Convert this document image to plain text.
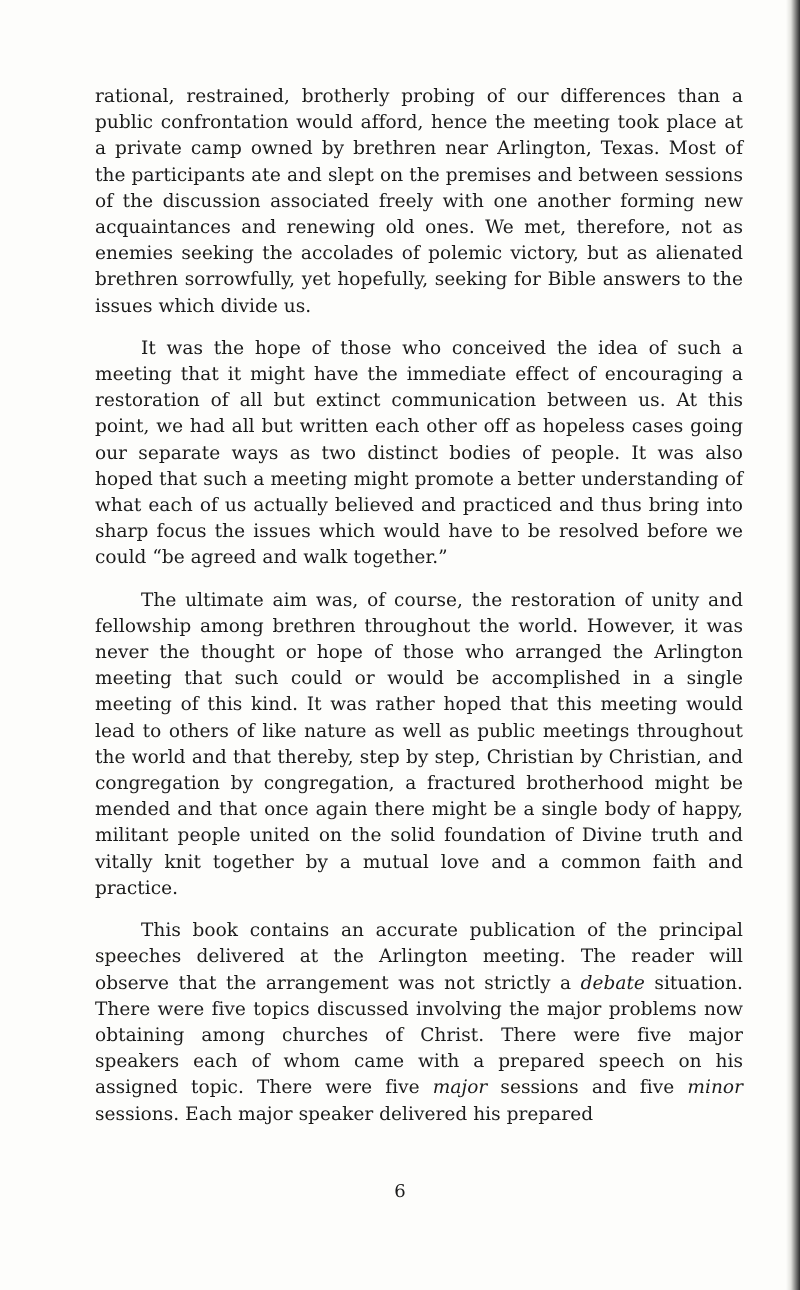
rational, restrained, brotherly probing of our differences than a public confrontation would afford, hence the meeting took place at a private camp owned by brethren near Arlington, Texas. Most of the participants ate and slept on the premises and between sessions of the discussion associated freely with one another forming new acquaintances and renewing old ones. We met, therefore, not as enemies seeking the accolades of polemic victory, but as alienated brethren sorrowfully, yet hopefully, seeking for Bible answers to the issues which divide us.

It was the hope of those who conceived the idea of such a meeting that it might have the immediate effect of encouraging a restoration of all but extinct communication between us. At this point, we had all but written each other off as hopeless cases going our separate ways as two distinct bodies of people. It was also hoped that such a meeting might promote a better understanding of what each of us actually believed and practiced and thus bring into sharp focus the issues which would have to be resolved before we could “be agreed and walk together.”

The ultimate aim was, of course, the restoration of unity and fellowship among brethren throughout the world. However, it was never the thought or hope of those who arranged the Arlington meeting that such could or would be accomplished in a single meeting of this kind. It was rather hoped that this meeting would lead to others of like nature as well as public meetings throughout the world and that thereby, step by step, Christian by Christian, and congregation by congregation, a fractured brotherhood might be mended and that once again there might be a single body of happy, militant people united on the solid foundation of Divine truth and vitally knit together by a mutual love and a common faith and practice.

This book contains an accurate publication of the principal speeches delivered at the Arlington meeting. The reader will observe that the arrangement was not strictly a debate situation. There were five topics discussed involving the major problems now obtaining among churches of Christ. There were five major speakers each of whom came with a prepared speech on his assigned topic. There were five major sessions and five minor sessions. Each major speaker delivered his prepared

6
